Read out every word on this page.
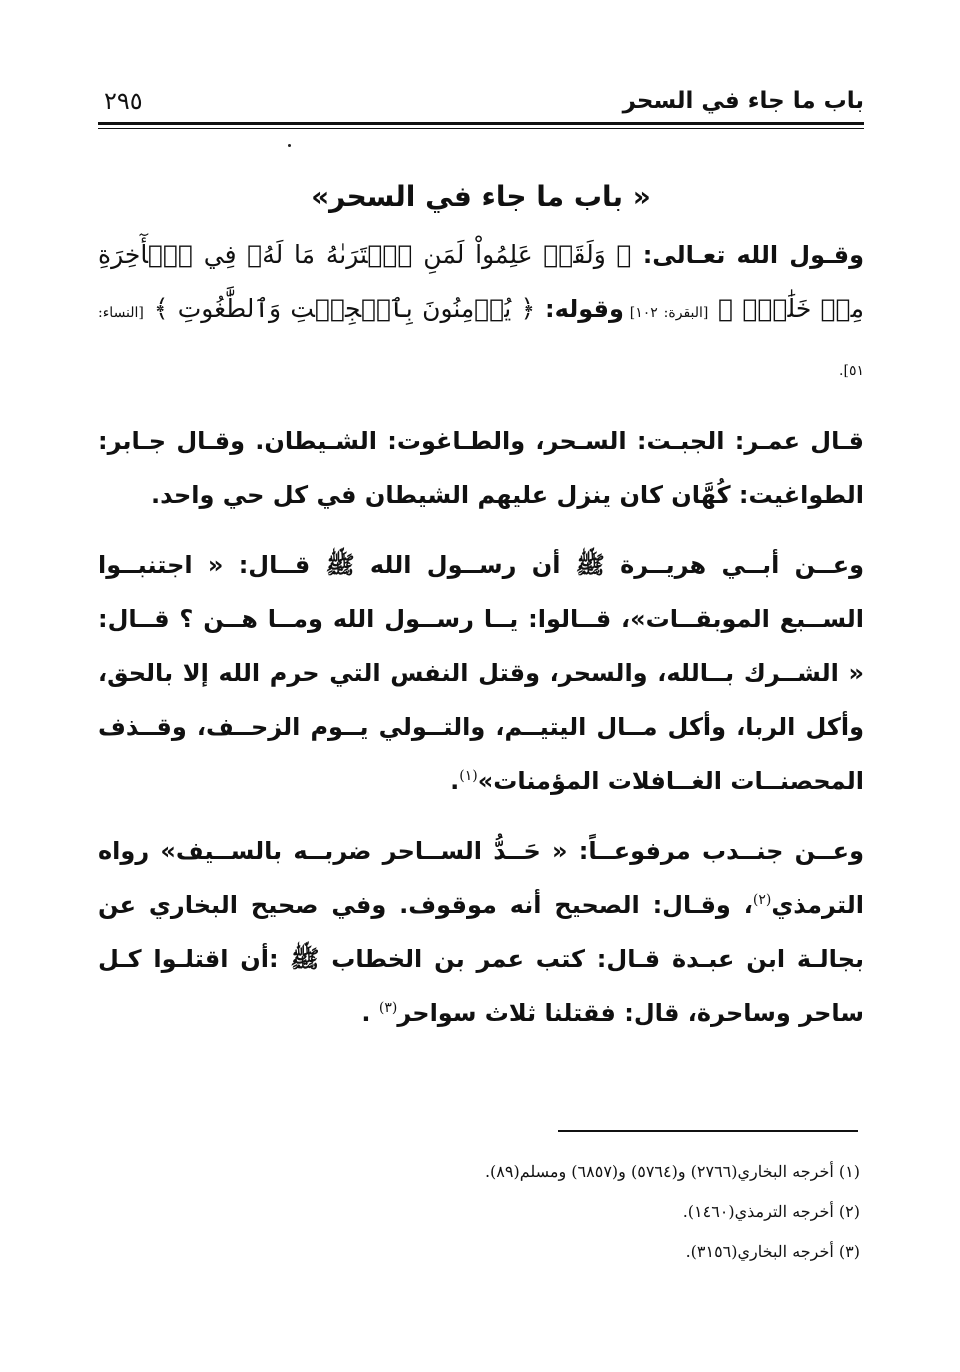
باب ما جاء في السحر
٢٩٥
« باب ما جاء في السحر»

وقـول الله تعـالى: ﴿ وَلَقَدۡ عَلِمُواْ لَمَنِ ٱشۡتَرَىٰهُ مَا لَهُۥ فِي ٱلۡأٓخِرَةِ مِنۡ خَلَٰقٖۚ ﴾ [البقرة: ١٠٢] وقوله: ﴿ يُؤۡمِنُونَ بِٱلۡجِبۡتِ وَٱلطَّٰغُوتِ ﴾ [النساء: ٥١].

قـال عمـر: الجبـت: السـحر، والطـاغوت: الشـيطان. وقـال جـابر: الطواغيت: كُهَّان كان ينزل عليهم الشيطان في كل حي واحد.

وعــن أبــي هريــرة ﷺ أن رســول الله ﷺ قــال: « اجتنبــوا الســبع الموبقــات»، قــالوا: يــا رســول الله ومــا هــن ؟ قــال: « الشــرك بــالله، والسحر، وقتل النفس التي حرم الله إلا بالحق، وأكل الربا، وأكل مــال اليتيــم، والتــولي يــوم الزحــف، وقــذف المحصنــات الغــافلات المؤمنات»$^{(١)}$.

وعــن جنــدب مرفوعــاً: « حَــدُّ الســاحر ضربــه بالســيف» رواه الترمذي$^{(٢)}$، وقـال: الصحيح أنه موقوف. وفي صحيح البخاري عن بجالـة ابن عبـدة قـال: كتب عمر بن الخطاب ﷺ :أن اقتلـوا كـل ساحر وساحرة، قال: فقتلنا ثلاث سواحر$^{(٣)}$ .

(١) أخرجه البخاري(٢٧٦٦) و(٥٧٦٤) و(٦٨٥٧) ومسلم(٨٩).

(٢) أخرجه الترمذي(١٤٦٠).

(٣) أخرجه البخاري(٣١٥٦).
